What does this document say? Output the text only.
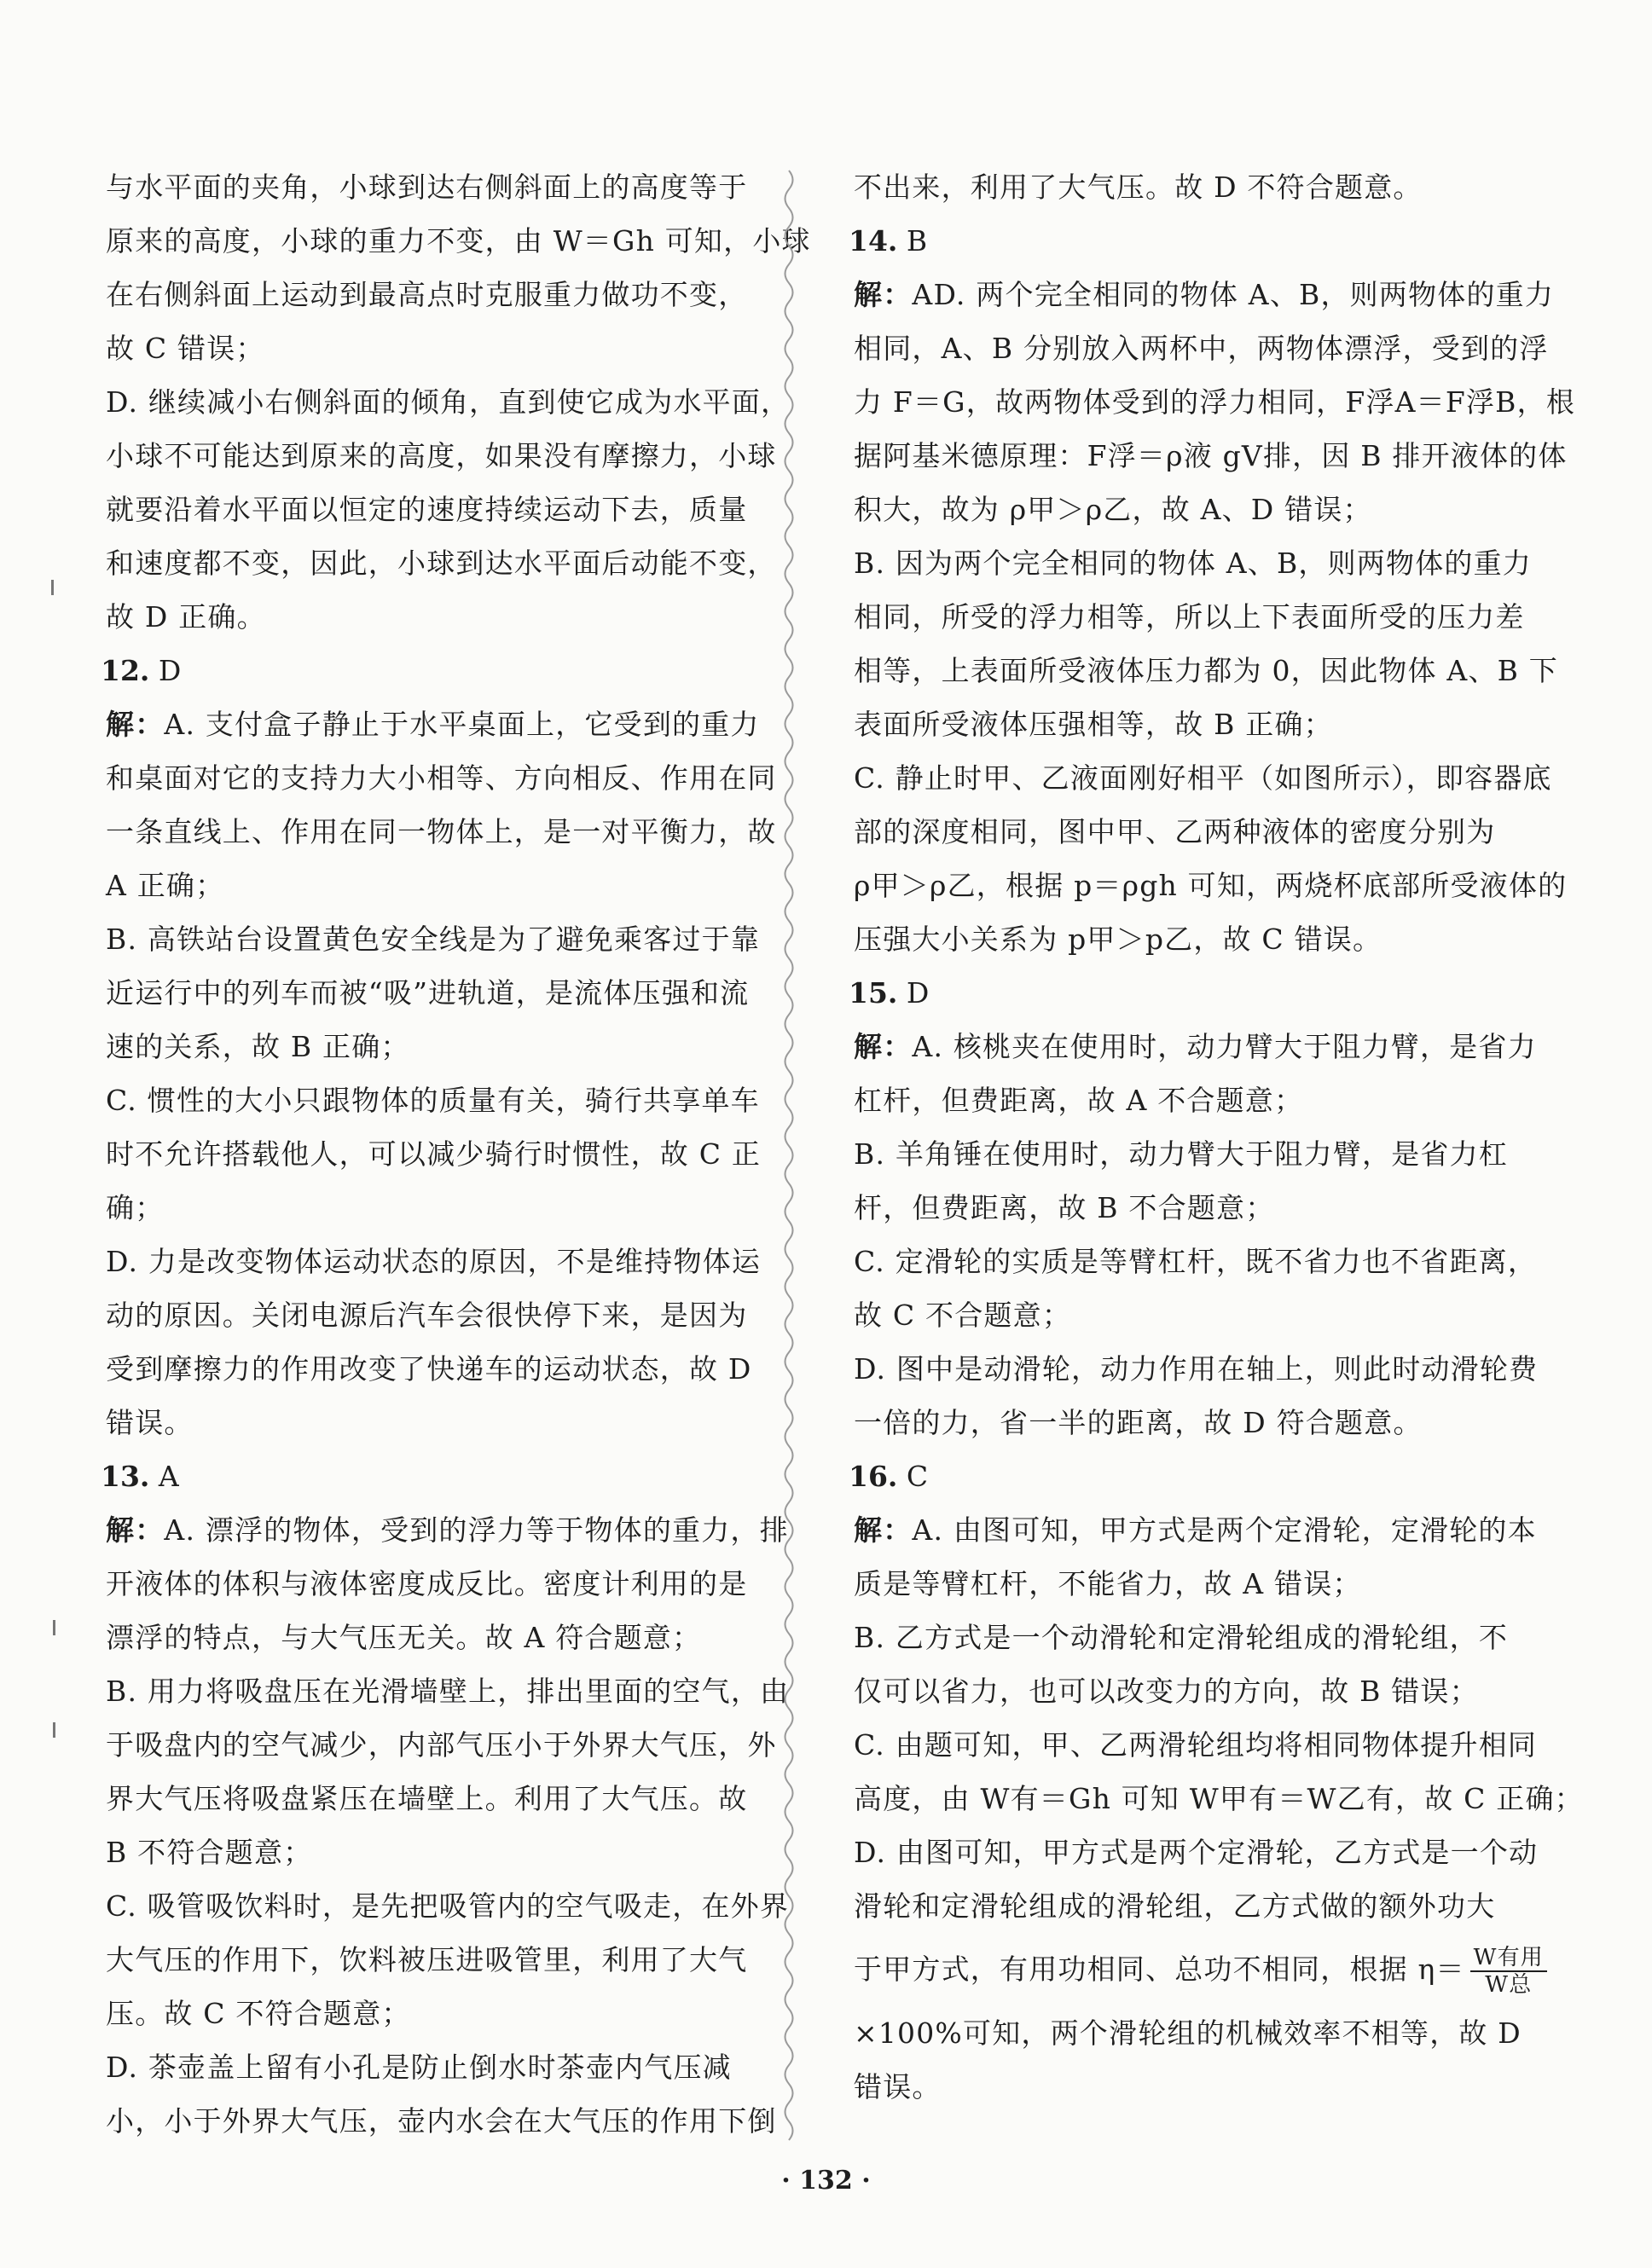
与水平面的夹角，小球到达右侧斜面上的高度等于
原来的高度，小球的重力不变，由 W＝Gh 可知，小球
在右侧斜面上运动到最高点时克服重力做功不变，
故 C 错误；
D. 继续减小右侧斜面的倾角，直到使它成为水平面，
小球不可能达到原来的高度，如果没有摩擦力，小球
就要沿着水平面以恒定的速度持续运动下去，质量
和速度都不变，因此，小球到达水平面后动能不变，
故 D 正确。
12. D
解：A. 支付盒子静止于水平桌面上，它受到的重力
和桌面对它的支持力大小相等、方向相反、作用在同
一条直线上、作用在同一物体上，是一对平衡力，故
A 正确；
B. 高铁站台设置黄色安全线是为了避免乘客过于靠
近运行中的列车而被“吸”进轨道，是流体压强和流
速的关系，故 B 正确；
C. 惯性的大小只跟物体的质量有关，骑行共享单车
时不允许搭载他人，可以减少骑行时惯性，故 C 正
确；
D. 力是改变物体运动状态的原因，不是维持物体运
动的原因。关闭电源后汽车会很快停下来，是因为
受到摩擦力的作用改变了快递车的运动状态，故 D
错误。
13. A
解：A. 漂浮的物体，受到的浮力等于物体的重力，排
开液体的体积与液体密度成反比。密度计利用的是
漂浮的特点，与大气压无关。故 A 符合题意；
B. 用力将吸盘压在光滑墙壁上，排出里面的空气，由
于吸盘内的空气减少，内部气压小于外界大气压，外
界大气压将吸盘紧压在墙壁上。利用了大气压。故
B 不符合题意；
C. 吸管吸饮料时，是先把吸管内的空气吸走，在外界
大气压的作用下，饮料被压进吸管里，利用了大气
压。故 C 不符合题意；
D. 茶壶盖上留有小孔是防止倒水时茶壶内气压减
小，小于外界大气压，壶内水会在大气压的作用下倒
不出来，利用了大气压。故 D 不符合题意。
14. B
解：AD. 两个完全相同的物体 A、B，则两物体的重力
相同，A、B 分别放入两杯中，两物体漂浮，受到的浮
力 F＝G，故两物体受到的浮力相同，F浮A＝F浮B，根
据阿基米德原理：F浮＝ρ液 gV排，因 B 排开液体的体
积大，故为 ρ甲＞ρ乙，故 A、D 错误；
B. 因为两个完全相同的物体 A、B，则两物体的重力
相同，所受的浮力相等，所以上下表面所受的压力差
相等，上表面所受液体压力都为 0，因此物体 A、B 下
表面所受液体压强相等，故 B 正确；
C. 静止时甲、乙液面刚好相平（如图所示），即容器底
部的深度相同，图中甲、乙两种液体的密度分别为
ρ甲＞ρ乙，根据 p＝ρgh 可知，两烧杯底部所受液体的
压强大小关系为 p甲＞p乙，故 C 错误。
15. D
解：A. 核桃夹在使用时，动力臂大于阻力臂，是省力
杠杆，但费距离，故 A 不合题意；
B. 羊角锤在使用时，动力臂大于阻力臂，是省力杠
杆，但费距离，故 B 不合题意；
C. 定滑轮的实质是等臂杠杆，既不省力也不省距离，
故 C 不合题意；
D. 图中是动滑轮，动力作用在轴上，则此时动滑轮费
一倍的力，省一半的距离，故 D 符合题意。
16. C
解：A. 由图可知，甲方式是两个定滑轮，定滑轮的本
质是等臂杠杆，不能省力，故 A 错误；
B. 乙方式是一个动滑轮和定滑轮组成的滑轮组，不
仅可以省力，也可以改变力的方向，故 B 错误；
C. 由题可知，甲、乙两滑轮组均将相同物体提升相同
高度，由 W有＝Gh 可知 W甲有＝W乙有，故 C 正确；
D. 由图可知，甲方式是两个定滑轮，乙方式是一个动
滑轮和定滑轮组成的滑轮组，乙方式做的额外功大
于甲方式，有用功相同、总功不相同，根据 $\eta= \frac{\text{W有用}}{\text{W总}}$
×100%可知，两个滑轮组的机械效率不相等，故 D
错误。
· 132 ·
